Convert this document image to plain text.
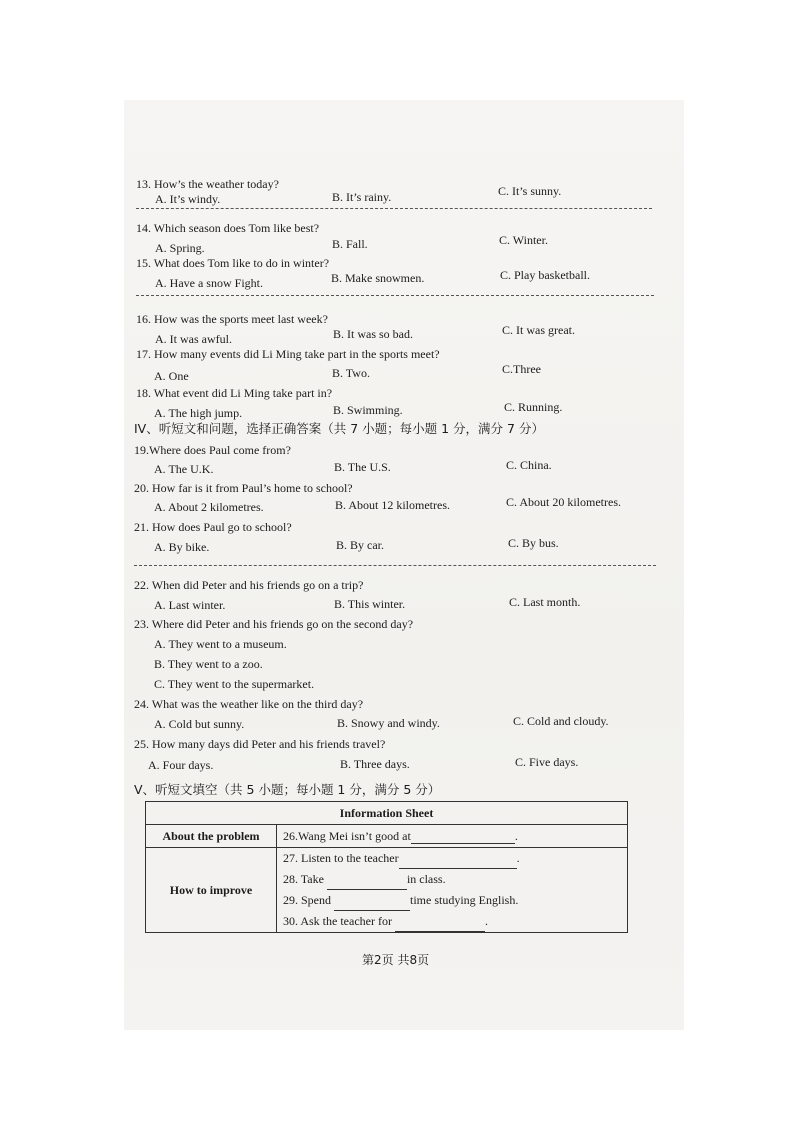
13. How’s the weather today?
A. It’s windy.	B. It’s rainy.	C. It’s sunny.
14. Which season does Tom like best?
A. Spring.	B. Fall.	C. Winter.
15. What does Tom like to do in winter?
A. Have a snow Fight.	B. Make snowmen.	C. Play basketball.
16. How was the sports meet last week?
A. It was awful.	B. It was so bad.	C. It was great.
17. How many events did Li Ming take part in the sports meet?
A. One	B. Two.	C.Three
18. What event did Li Ming take part in?
A. The high jump.	B. Swimming.	C. Running.
IV、听短文和问题，选择正确答案（共 7 小题；每小题 1 分，满分 7 分）
19.Where does Paul come from?
A. The U.K.	B. The U.S.	C. China.
20. How far is it from Paul’s home to school?
A. About 2 kilometres.	B. About 12 kilometres.	C. About 20 kilometres.
21. How does Paul go to school?
A. By bike.	B. By car.	C. By bus.
22. When did Peter and his friends go on a trip?
A. Last winter.	B. This winter.	C. Last month.
23. Where did Peter and his friends go on the second day?
A. They went to a museum.
B. They went to a zoo.
C. They went to the supermarket.
24. What was the weather like on the third day?
A. Cold but sunny.	B. Snowy and windy.	C. Cold and cloudy.
25. How many days did Peter and his friends travel?
A. Four days.	B. Three days.	C. Five days.
V、听短文填空（共 5 小题；每小题 1 分，满分 5 分）
Information Sheet	
About the problem	26.Wang Mei isn’t good at .
How to improve	27. Listen to the teacher .
28. Take in class.
29. Spend time studying English.
30. Ask the teacher for .
第2页 共8页
